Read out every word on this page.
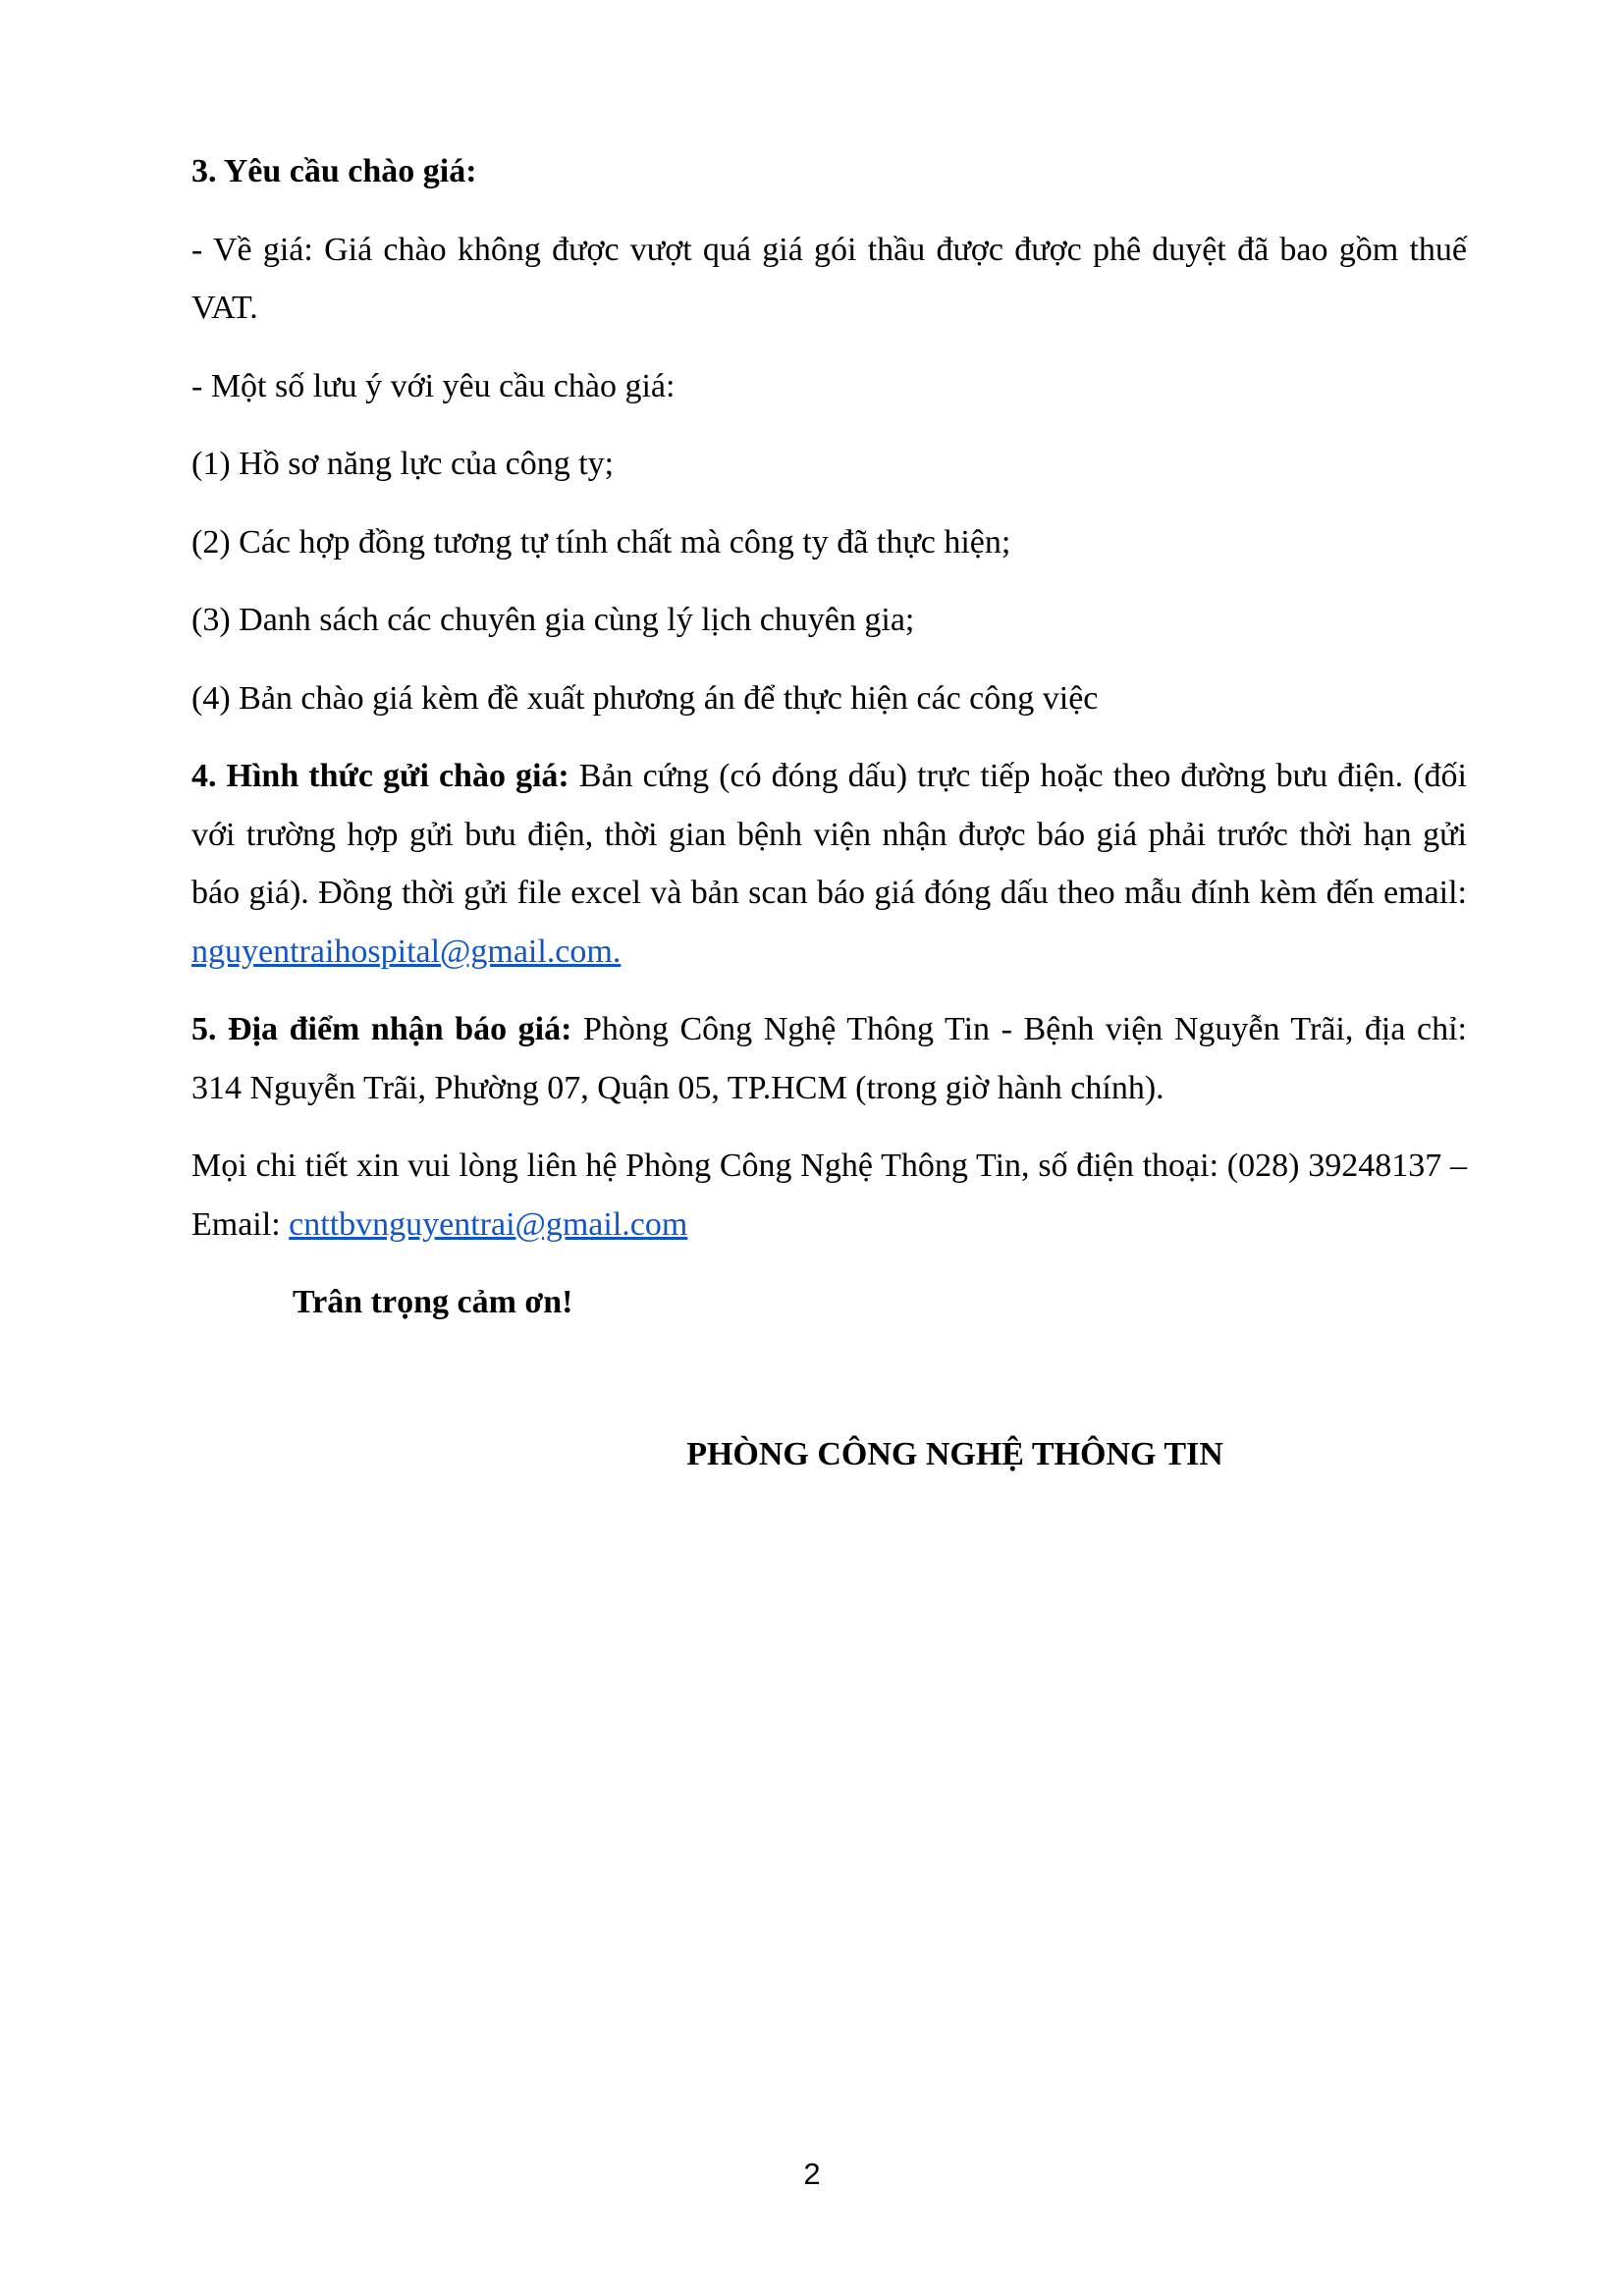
3. Yêu cầu chào giá:

- Về giá: Giá chào không được vượt quá giá gói thầu được được phê duyệt đã bao gồm thuế VAT.

- Một số lưu ý với yêu cầu chào giá:

(1) Hồ sơ năng lực của công ty;

(2) Các hợp đồng tương tự tính chất mà công ty đã thực hiện;

(3) Danh sách các chuyên gia cùng lý lịch chuyên gia;

(4) Bản chào giá kèm đề xuất phương án để thực hiện các công việc

4. Hình thức gửi chào giá: Bản cứng (có đóng dấu) trực tiếp hoặc theo đường bưu điện. (đối với trường hợp gửi bưu điện, thời gian bệnh viện nhận được báo giá phải trước thời hạn gửi báo giá). Đồng thời gửi file excel và bản scan báo giá đóng dấu theo mẫu đính kèm đến email: nguyentraihospital@gmail.com.

5. Địa điểm nhận báo giá: Phòng Công Nghệ Thông Tin - Bệnh viện Nguyễn Trãi, địa chỉ: 314 Nguyễn Trãi, Phường 07, Quận 05, TP.HCM (trong giờ hành chính).

Mọi chi tiết xin vui lòng liên hệ Phòng Công Nghệ Thông Tin, số điện thoại: (028) 39248137 – Email: cnttbvnguyentrai@gmail.com

Trân trọng cảm ơn!

PHÒNG CÔNG NGHỆ THÔNG TIN
2
